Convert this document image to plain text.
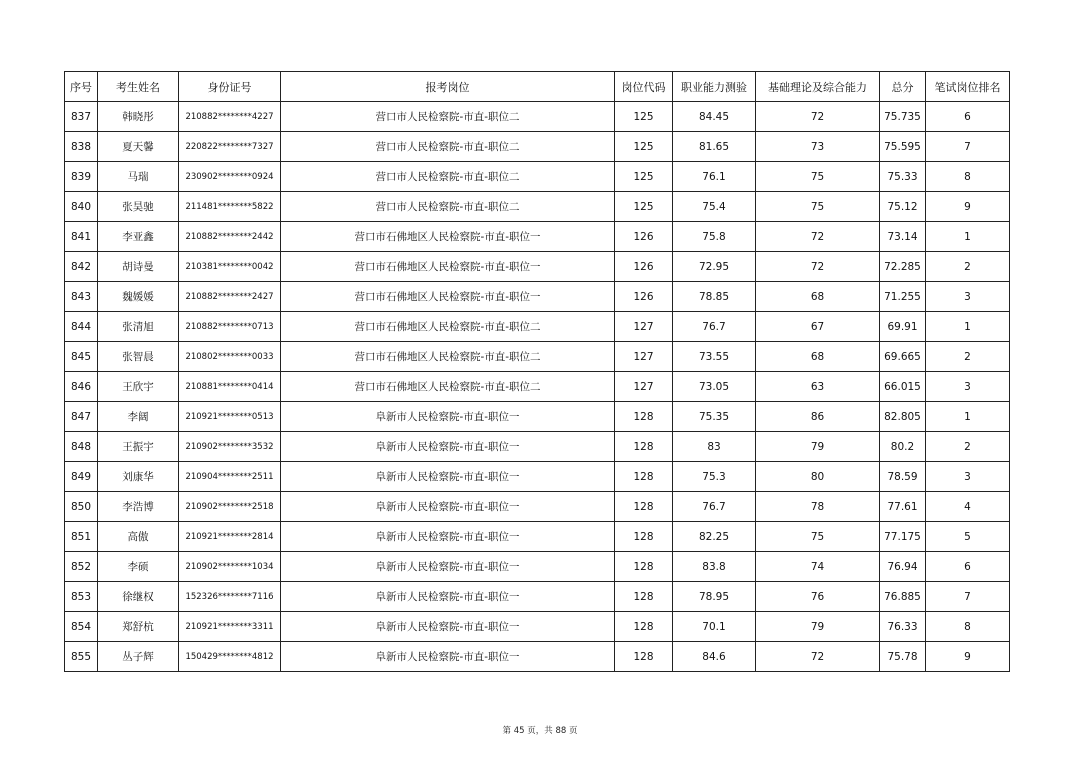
序号	考生姓名	身份证号	报考岗位	岗位代码	职业能力测验	基础理论及综合能力	总分	笔试岗位排名
837	韩晓彤	210882********4227	营口市人民检察院-市直-职位二	125	84.45	72	75.735	6
838	夏天馨	220822********7327	营口市人民检察院-市直-职位二	125	81.65	73	75.595	7
839	马瑞	230902********0924	营口市人民检察院-市直-职位二	125	76.1	75	75.33	8
840	张昊驰	211481********5822	营口市人民检察院-市直-职位二	125	75.4	75	75.12	9
841	李亚鑫	210882********2442	营口市石佛地区人民检察院-市直-职位一	126	75.8	72	73.14	1
842	胡诗曼	210381********0042	营口市石佛地区人民检察院-市直-职位一	126	72.95	72	72.285	2
843	魏媛媛	210882********2427	营口市石佛地区人民检察院-市直-职位一	126	78.85	68	71.255	3
844	张清旭	210882********0713	营口市石佛地区人民检察院-市直-职位二	127	76.7	67	69.91	1
845	张智晨	210802********0033	营口市石佛地区人民检察院-市直-职位二	127	73.55	68	69.665	2
846	王欣宇	210881********0414	营口市石佛地区人民检察院-市直-职位二	127	73.05	63	66.015	3
847	李阔	210921********0513	阜新市人民检察院-市直-职位一	128	75.35	86	82.805	1
848	王振宇	210902********3532	阜新市人民检察院-市直-职位一	128	83	79	80.2	2
849	刘康华	210904********2511	阜新市人民检察院-市直-职位一	128	75.3	80	78.59	3
850	李浩博	210902********2518	阜新市人民检察院-市直-职位一	128	76.7	78	77.61	4
851	高傲	210921********2814	阜新市人民检察院-市直-职位一	128	82.25	75	77.175	5
852	李硕	210902********1034	阜新市人民检察院-市直-职位一	128	83.8	74	76.94	6
853	徐继权	152326********7116	阜新市人民检察院-市直-职位一	128	78.95	76	76.885	7
854	郑舒杭	210921********3311	阜新市人民检察院-市直-职位一	128	70.1	79	76.33	8
855	丛子辉	150429********4812	阜新市人民检察院-市直-职位一	128	84.6	72	75.78	9
第 45 页，共 88 页
